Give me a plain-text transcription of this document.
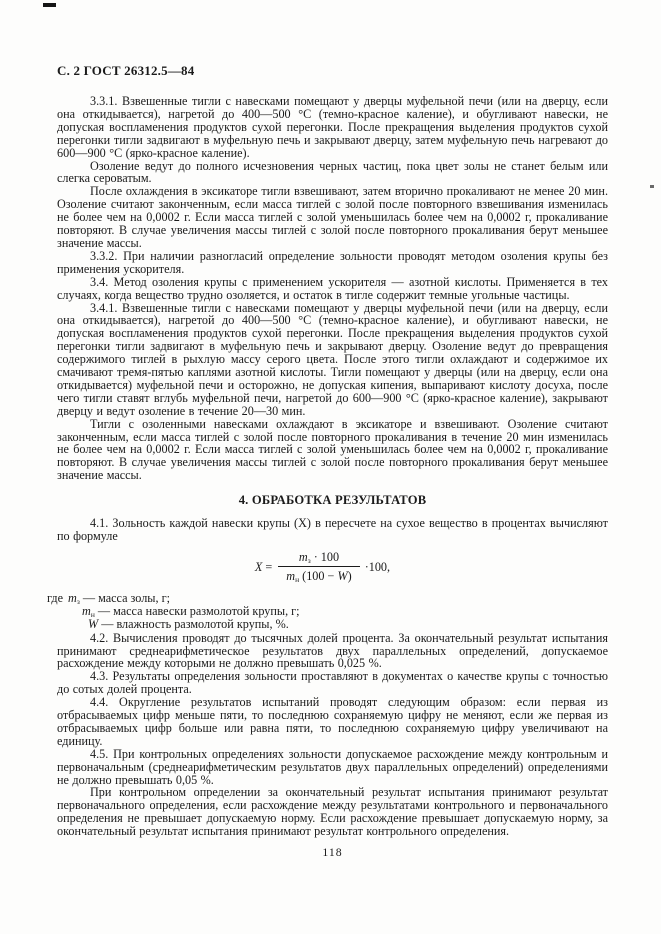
С. 2 ГОСТ 26312.5—84

3.3.1. Взвешенные тигли с навесками помещают у дверцы муфельной печи (или на дверцу, если она откидывается), нагретой до 400—500 °С (темно-красное каление), и обугливают навески, не допуская воспламенения продуктов сухой перегонки. После прекращения выделения продуктов сухой перегонки тигли задвигают в муфельную печь и закрывают дверцу, затем муфельную печь нагревают до 600—900 °С (ярко-красное каление).

Озоление ведут до полного исчезновения черных частиц, пока цвет золы не станет белым или слегка сероватым.

После охлаждения в эксикаторе тигли взвешивают, затем вторично прокаливают не менее 20 мин. Озоление считают законченным, если масса тиглей с золой после повторного взвешивания изменилась не более чем на 0,0002 г. Если масса тиглей с золой уменьшилась более чем на 0,0002 г, прокаливание повторяют. В случае увеличения массы тиглей с золой после повторного прокаливания берут меньшее значение массы.

3.3.2. При наличии разногласий определение зольности проводят методом озоления крупы без применения ускорителя.

3.4. Метод озоления крупы с применением ускорителя — азотной кислоты. Применяется в тех случаях, когда вещество трудно озоляется, и остаток в тигле содержит темные угольные частицы.

3.4.1. Взвешенные тигли с навесками помещают у дверцы муфельной печи (или на дверцу, если она откидывается), нагретой до 400—500 °С (темно-красное каление), и обугливают навески, не допуская воспламенения продуктов сухой перегонки. После прекращения выделения продуктов сухой перегонки тигли задвигают в муфельную печь и закрывают дверцу. Озоление ведут до превращения содержимого тиглей в рыхлую массу серого цвета. После этого тигли охлаждают и содержимое их смачивают тремя-пятью каплями азотной кислоты. Тигли помещают у дверцы (или на дверцу, если она откидывается) муфельной печи и осторожно, не допуская кипения, выпаривают кислоту досуха, после чего тигли ставят вглубь муфельной печи, нагретой до 600—900 °С (ярко-красное каление), закрывают дверцу и ведут озоление в течение 20—30 мин.

Тигли с озоленными навесками охлаждают в эксикаторе и взвешивают. Озоление считают законченным, если масса тиглей с золой после повторного прокаливания в течение 20 мин изменилась не более чем на 0,0002 г. Если масса тиглей с золой уменьшилась более чем на 0,0002 г, прокаливание повторяют. В случае увеличения массы тиглей с золой после повторного прокаливания берут меньшее значение массы.

4. ОБРАБОТКА РЕЗУЛЬТАТОВ

4.1. Зольность каждой навески крупы (X) в пересчете на сухое вещество в процентах вычисляют по формуле

$X = \frac{m_з \cdot 100}{m_н (100 - W)} \cdot 100$,
где $m_з$ — масса золы, г;
$m_н$ — масса навески размолотой крупы, г;
W — влажность размолотой крупы, %.

4.2. Вычисления проводят до тысячных долей процента. За окончательный результат испытания принимают среднеарифметическое результатов двух параллельных определений, допускаемое расхождение между которыми не должно превышать 0,025 %.

4.3. Результаты определения зольности проставляют в документах о качестве крупы с точностью до сотых долей процента.

4.4. Округление результатов испытаний проводят следующим образом: если первая из отбрасываемых цифр меньше пяти, то последнюю сохраняемую цифру не меняют, если же первая из отбрасываемых цифр больше или равна пяти, то последнюю сохраняемую цифру увеличивают на единицу.

4.5. При контрольных определениях зольности допускаемое расхождение между контрольным и первоначальным (среднеарифметическим результатов двух параллельных определений) определениями не должно превышать 0,05 %.

При контрольном определении за окончательный результат испытания принимают результат первоначального определения, если расхождение между результатами контрольного и первоначального определения не превышает допускаемую норму. Если расхождение превышает допускаемую норму, за окончательный результат испытания принимают результат контрольного определения.

118
